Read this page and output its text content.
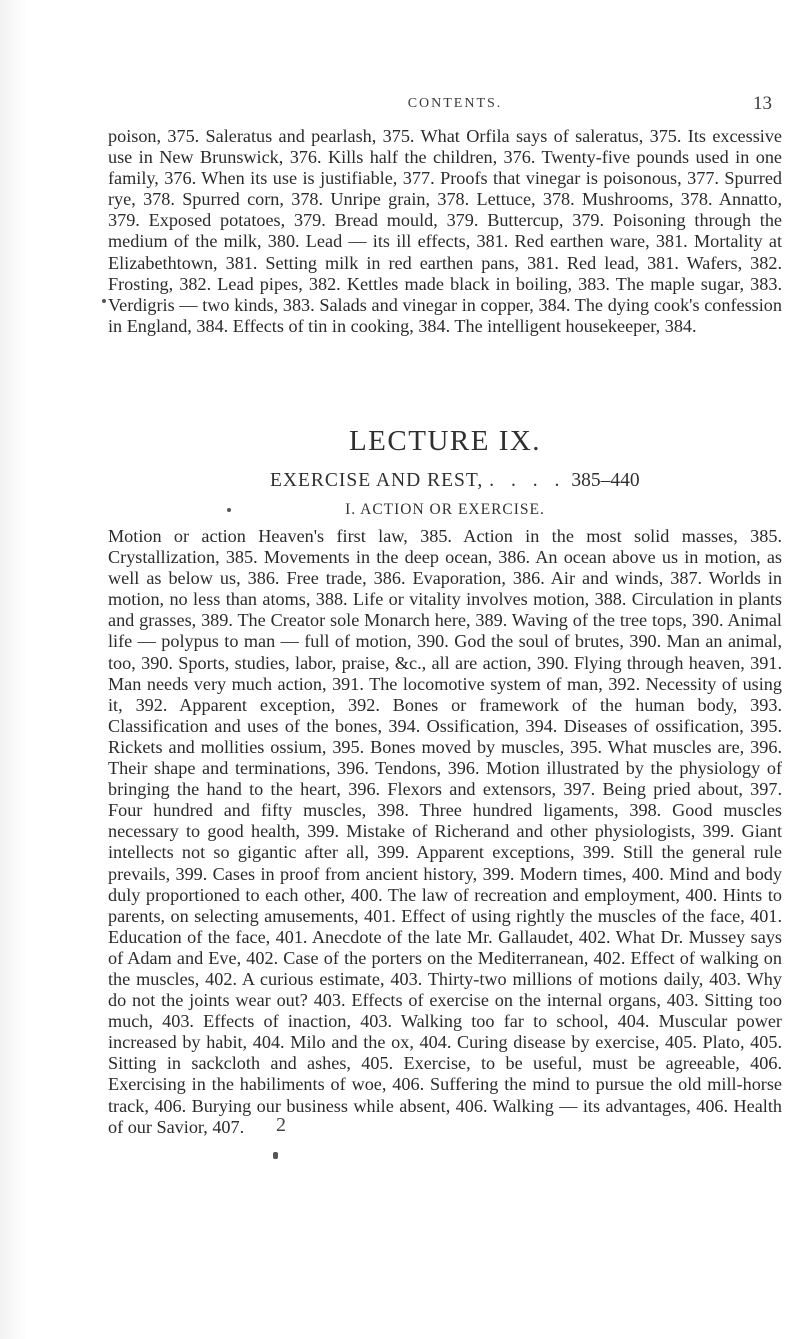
CONTENTS.	13
poison, 375. Saleratus and pearlash, 375. What Orfila says of saleratus, 375. Its excessive use in New Brunswick, 376. Kills half the children, 376. Twenty-five pounds used in one family, 376. When its use is justifiable, 377. Proofs that vinegar is poisonous, 377. Spurred rye, 378. Spurred corn, 378. Unripe grain, 378. Lettuce, 378. Mushrooms, 378. Annatto, 379. Exposed potatoes, 379. Bread mould, 379. Buttercup, 379. Poisoning through the medium of the milk, 380. Lead — its ill effects, 381. Red earthen ware, 381. Mortality at Elizabethtown, 381. Setting milk in red earthen pans, 381. Red lead, 381. Wafers, 382. Frosting, 382. Lead pipes, 382. Kettles made black in boiling, 383. The maple sugar, 383. Verdigris — two kinds, 383. Salads and vinegar in copper, 384. The dying cook's confession in England, 384. Effects of tin in cooking, 384. The intelligent housekeeper, 384.
LECTURE IX.
EXERCISE AND REST, . . . . 385–440
I. ACTION OR EXERCISE.
Motion or action Heaven's first law, 385. Action in the most solid masses, 385. Crystallization, 385. Movements in the deep ocean, 386. An ocean above us in motion, as well as below us, 386. Free trade, 386. Evaporation, 386. Air and winds, 387. Worlds in motion, no less than atoms, 388. Life or vitality involves motion, 388. Circulation in plants and grasses, 389. The Creator sole Monarch here, 389. Waving of the tree tops, 390. Animal life — polypus to man — full of motion, 390. God the soul of brutes, 390. Man an animal, too, 390. Sports, studies, labor, praise, &c., all are action, 390. Flying through heaven, 391. Man needs very much action, 391. The locomotive system of man, 392. Necessity of using it, 392. Apparent exception, 392. Bones or framework of the human body, 393. Classification and uses of the bones, 394. Ossification, 394. Diseases of ossification, 395. Rickets and mollities ossium, 395. Bones moved by muscles, 395. What muscles are, 396. Their shape and terminations, 396. Tendons, 396. Motion illustrated by the physiology of bringing the hand to the heart, 396. Flexors and extensors, 397. Being pried about, 397. Four hundred and fifty muscles, 398. Three hundred ligaments, 398. Good muscles necessary to good health, 399. Mistake of Richerand and other physiologists, 399. Giant intellects not so gigantic after all, 399. Apparent exceptions, 399. Still the general rule prevails, 399. Cases in proof from ancient history, 399. Modern times, 400. Mind and body duly proportioned to each other, 400. The law of recreation and employment, 400. Hints to parents, on selecting amusements, 401. Effect of using rightly the muscles of the face, 401. Education of the face, 401. Anecdote of the late Mr. Gallaudet, 402. What Dr. Mussey says of Adam and Eve, 402. Case of the porters on the Mediterranean, 402. Effect of walking on the muscles, 402. A curious estimate, 403. Thirty-two millions of motions daily, 403. Why do not the joints wear out? 403. Effects of exercise on the internal organs, 403. Sitting too much, 403. Effects of inaction, 403. Walking too far to school, 404. Muscular power increased by habit, 404. Milo and the ox, 404. Curing disease by exercise, 405. Plato, 405. Sitting in sackcloth and ashes, 405. Exercise, to be useful, must be agreeable, 406. Exercising in the habiliments of woe, 406. Suffering the mind to pursue the old mill-horse track, 406. Burying our business while absent, 406. Walking — its advantages, 406. Health of our Savior, 407.	2
